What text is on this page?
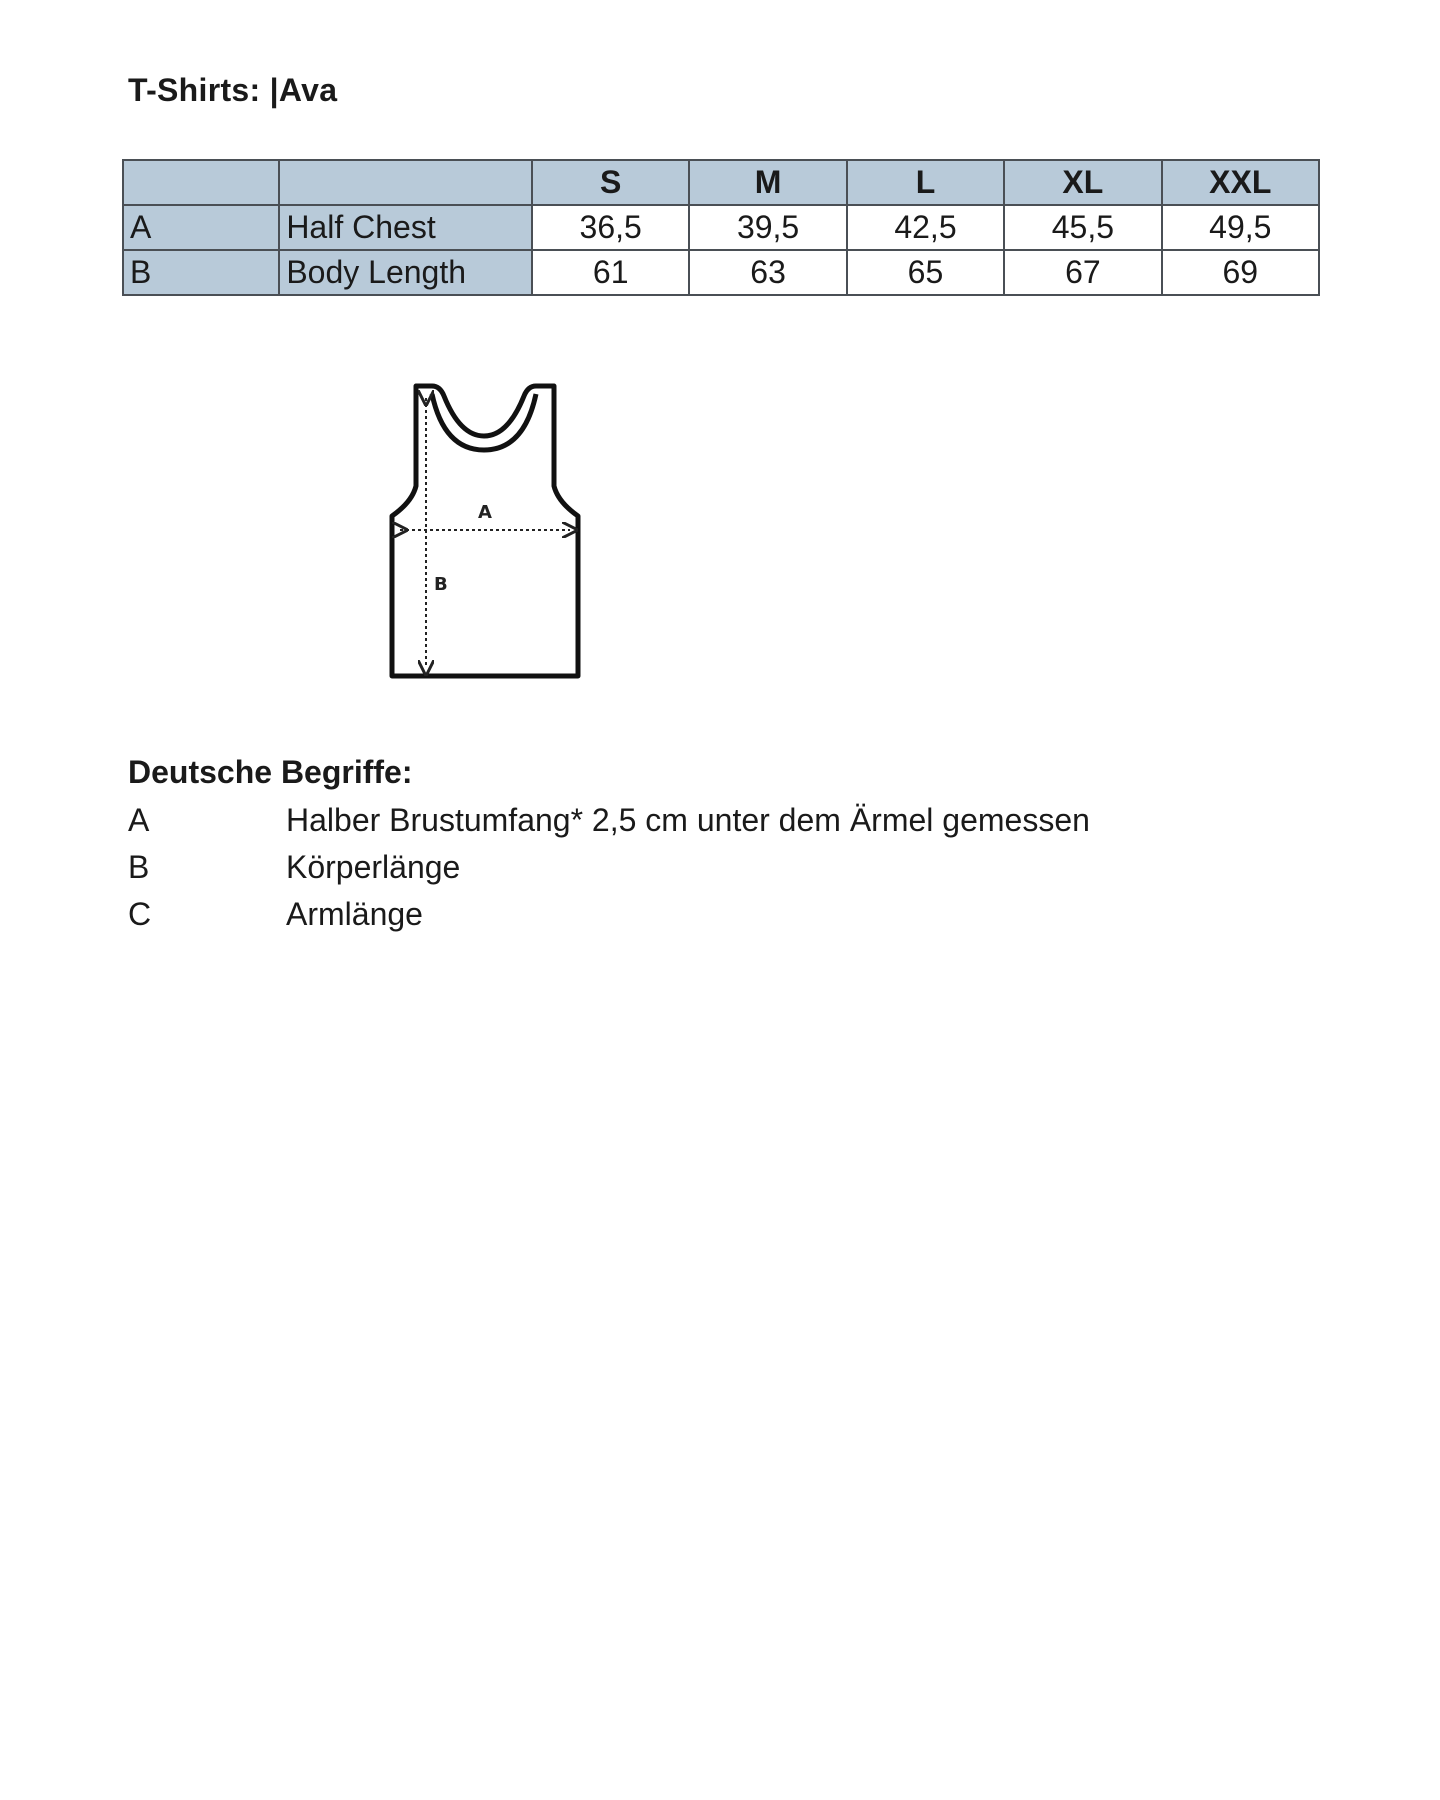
T-Shirts: |Ava
		S	M	L	XL	XXL
A	Half Chest	36,5	39,5	42,5	45,5	49,5
B	Body Length	61	63	65	67	69
A
B
Deutsche Begriffe:
A	Halber Brustumfang* 2,5 cm unter dem Ärmel gemessen
B	Körperlänge
C	Armlänge
